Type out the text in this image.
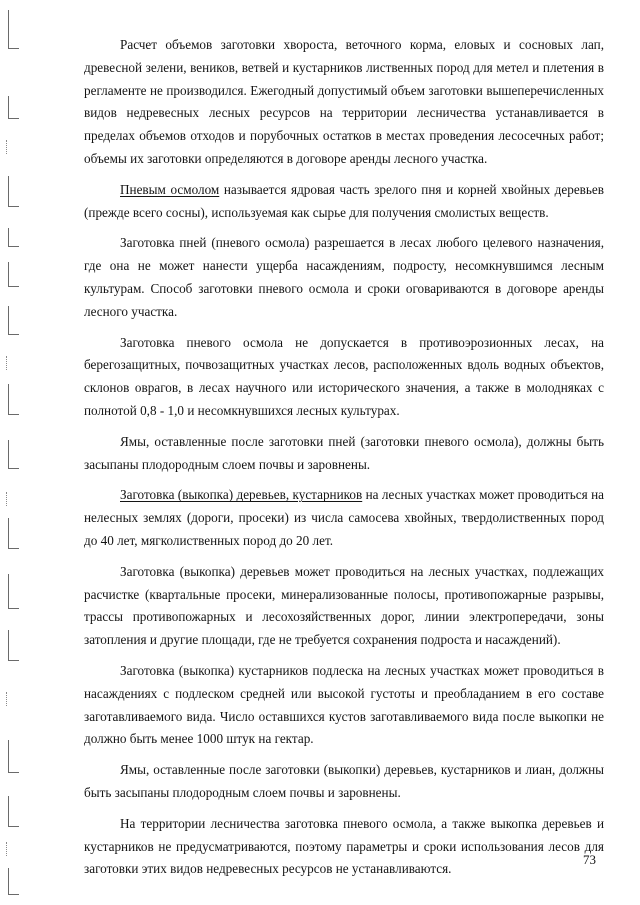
Расчет объемов заготовки хвороста, веточного корма, еловых и сосновых лап, древесной зелени, веников, ветвей и кустарников лиственных пород для метел и плетения в регламенте не производился. Ежегодный допустимый объем заготовки вышеперечисленных видов недревесных лесных ресурсов на территории лесничества устанавливается в пределах объемов отходов и порубочных остатков в местах проведения лесосечных работ; объемы их заготовки определяются в договоре аренды лесного участка.

Пневым осмолом называется ядровая часть зрелого пня и корней хвойных деревьев (прежде всего сосны), используемая как сырье для получения смолистых веществ.

Заготовка пней (пневого осмола) разрешается в лесах любого целевого назначения, где она не может нанести ущерба насаждениям, подросту, несомкнувшимся лесным культурам. Способ заготовки пневого осмола и сроки оговариваются в договоре аренды лесного участка.

Заготовка пневого осмола не допускается в противоэрозионных лесах, на берегозащитных, почвозащитных участках лесов, расположенных вдоль водных объектов, склонов оврагов, в лесах научного или исторического значения, а также в молодняках с полнотой 0,8 - 1,0 и несомкнувшихся лесных культурах.

Ямы, оставленные после заготовки пней (заготовки пневого осмола), должны быть засыпаны плодородным слоем почвы и заровнены.

Заготовка (выкопка) деревьев, кустарников на лесных участках может проводиться на нелесных землях (дороги, просеки) из числа самосева хвойных, твердолиственных пород до 40 лет, мягколиственных пород до 20 лет.

Заготовка (выкопка) деревьев может проводиться на лесных участках, подлежащих расчистке (квартальные просеки, минерализованные полосы, противопожарные разрывы, трассы противопожарных и лесохозяйственных дорог, линии электропередачи, зоны затопления и другие площади, где не требуется сохранения подроста и насаждений).

Заготовка (выкопка) кустарников подлеска на лесных участках может проводиться в насаждениях с подлеском средней или высокой густоты и преобладанием в его составе заготавливаемого вида. Число оставшихся кустов заготавливаемого вида после выкопки не должно быть менее 1000 штук на гектар.

Ямы, оставленные после заготовки (выкопки) деревьев, кустарников и лиан, должны быть засыпаны плодородным слоем почвы и заровнены.

На территории лесничества заготовка пневого осмола, а также выкопка деревьев и кустарников не предусматриваются, поэтому параметры и сроки использования лесов для заготовки этих видов недревесных ресурсов не устанавливаются.

73
